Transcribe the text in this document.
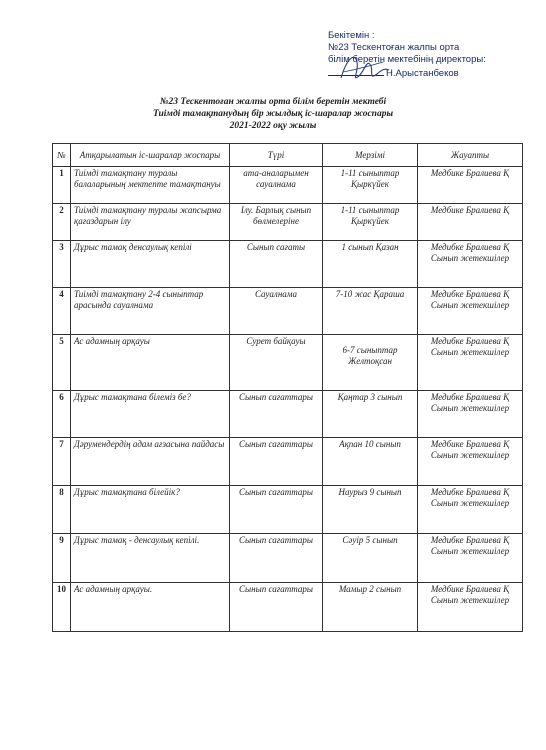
Бекітемін :
№23 Тескентоған жалпы орта
білім беретін мектебінің директоры:
Н.Арыстанбеков
№23 Тескентоған жалпы орта білім беретін мектебі
Тиімді тамақтанудың бір жылдық іс-шаралар жоспары
2021-2022 оқу жылы
№	Атқарылатын іс-шаралар жоспары	Түрі	Мерзімі	Жауапты
1	Тиімді тамақтану туралы балаларының мектепте тамақтануы	ата-аналарымен сауалнама	1-11 сыныптар Қыркүйек	Медбике Бралиева Қ
2	Тиімді тамақтану туралы жапсырма қағаздарын ілу	Ілу. Барлық сынып бөлмелеріне	1-11 сыныптар Қыркүйек	Медбике Бралиева Қ
3	Дұрыс тамақ денсаулық кепілі	Сынып сағаты	1 сынып Қазан	Медибке Бралиева Қ Сынып жетекшілер
4	Тиімді тамақтану 2-4 сыныптар арасында сауалнама	Сауалнама	7-10 жас Қараша	Медибке Бралиева Қ Сынып жетекшілер
5	Ас адамның арқауы	Сурет байқауы	6-7 сыныптар Желтоқсан	Медибке Бралиева Қ Сынып жетекшілер
6	Дұрыс тамақтана білеміз бе?	Сынып сағаттары	Қаңтар 3 сынып	Медибке Бралиева Қ Сынып жетекшілер
7	Дәрумендердің адам ағзасына пайдасы	Сынып сағаттары	Ақпан 10 сынып	Медбике Бралиева Қ Сынып жетекшілер
8	Дұрыс тамақтана білейік?	Сынып сағаттары	Наурыз 9 сынып	Медибке Бралиева Қ Сынып жетекшілер
9	Дұрыс тамақ - денсаулық кепілі.	Сынып сағаттары	Сәуір 5 сынып	Медибке Бралиева Қ Сынып жетекшілер
10	Ас адамның арқауы.	Сынып сағаттары	Мамыр 2 сынып	Медбике Бралиева Қ Сынып жетекшілер
